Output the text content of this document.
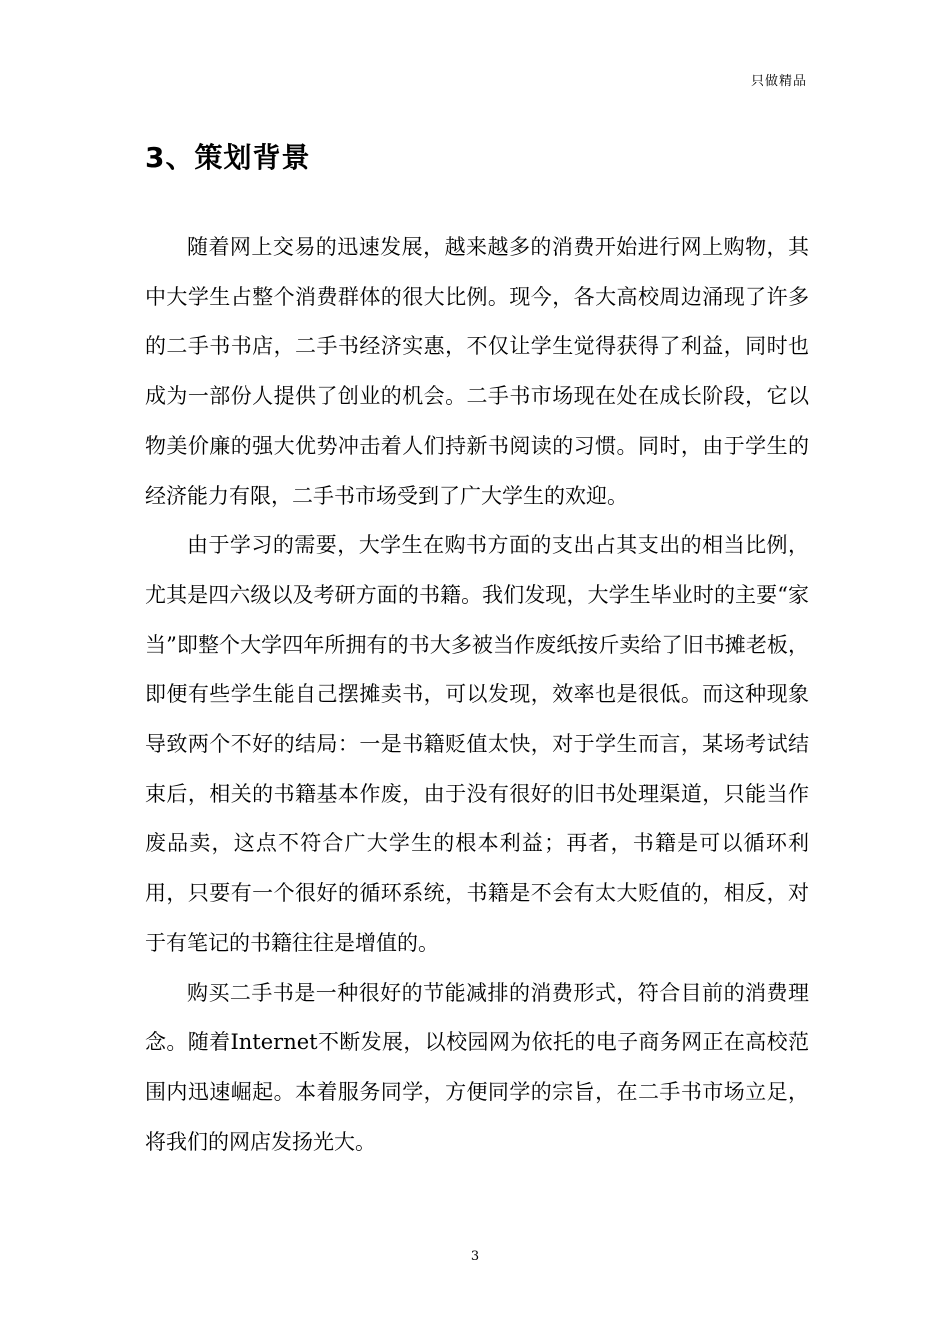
只做精品
3、策划背景

随着网上交易的迅速发展，越来越多的消费开始进行网上购物，其中大学生占整个消费群体的很大比例。现今，各大高校周边涌现了许多的二手书书店，二手书经济实惠，不仅让学生觉得获得了利益，同时也成为一部份人提供了创业的机会。二手书市场现在处在成长阶段，它以物美价廉的强大优势冲击着人们持新书阅读的习惯。同时，由于学生的经济能力有限，二手书市场受到了广大学生的欢迎。

由于学习的需要，大学生在购书方面的支出占其支出的相当比例，尤其是四六级以及考研方面的书籍。我们发现，大学生毕业时的主要“家当”即整个大学四年所拥有的书大多被当作废纸按斤卖给了旧书摊老板，即便有些学生能自己摆摊卖书，可以发现，效率也是很低。而这种现象导致两个不好的结局：一是书籍贬值太快，对于学生而言，某场考试结束后，相关的书籍基本作废，由于没有很好的旧书处理渠道，只能当作废品卖，这点不符合广大学生的根本利益；再者，书籍是可以循环利用，只要有一个很好的循环系统，书籍是不会有太大贬值的，相反，对于有笔记的书籍往往是增值的。

购买二手书是一种很好的节能减排的消费形式，符合目前的消费理念。随着Internet不断发展，以校园网为依托的电子商务网正在高校范围内迅速崛起。本着服务同学，方便同学的宗旨，在二手书市场立足，将我们的网店发扬光大。

3
